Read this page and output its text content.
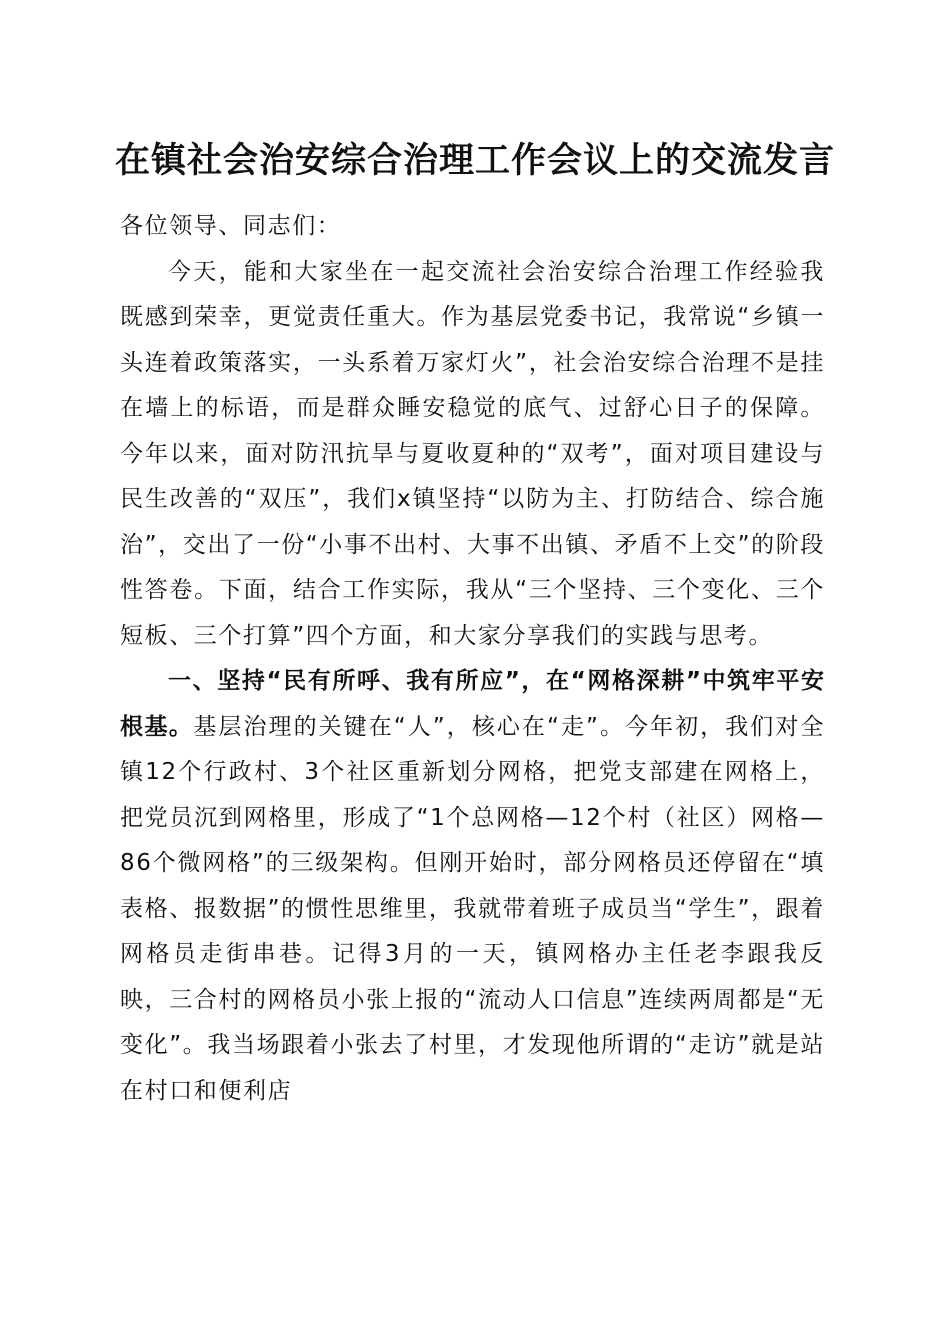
在镇社会治安综合治理工作会议上的交流发言

各位领导、同志们：

今天，能和大家坐在一起交流社会治安综合治理工作经验我既感到荣幸，更觉责任重大。作为基层党委书记，我常说“乡镇一头连着政策落实，一头系着万家灯火”，社会治安综合治理不是挂在墙上的标语，而是群众睡安稳觉的底气、过舒心日子的保障。今年以来，面对防汛抗旱与夏收夏种的“双考”，面对项目建设与民生改善的“双压”，我们x镇坚持“以防为主、打防结合、综合施治”，交出了一份“小事不出村、大事不出镇、矛盾不上交”的阶段性答卷。下面，结合工作实际，我从“三个坚持、三个变化、三个短板、三个打算”四个方面，和大家分享我们的实践与思考。

一、坚持“民有所呼、我有所应”，在“网格深耕”中筑牢平安根基。基层治理的关键在“人”，核心在“走”。今年初，我们对全镇12个行政村、3个社区重新划分网格，把党支部建在网格上，把党员沉到网格里，形成了“1个总网格—12个村（社区）网格—86个微网格”的三级架构。但刚开始时，部分网格员还停留在“填表格、报数据”的惯性思维里，我就带着班子成员当“学生”，跟着网格员走街串巷。记得3月的一天，镇网格办主任老李跟我反映，三合村的网格员小张上报的“流动人口信息”连续两周都是“无变化”。我当场跟着小张去了村里，才发现他所谓的“走访”就是站在村口和便利店
